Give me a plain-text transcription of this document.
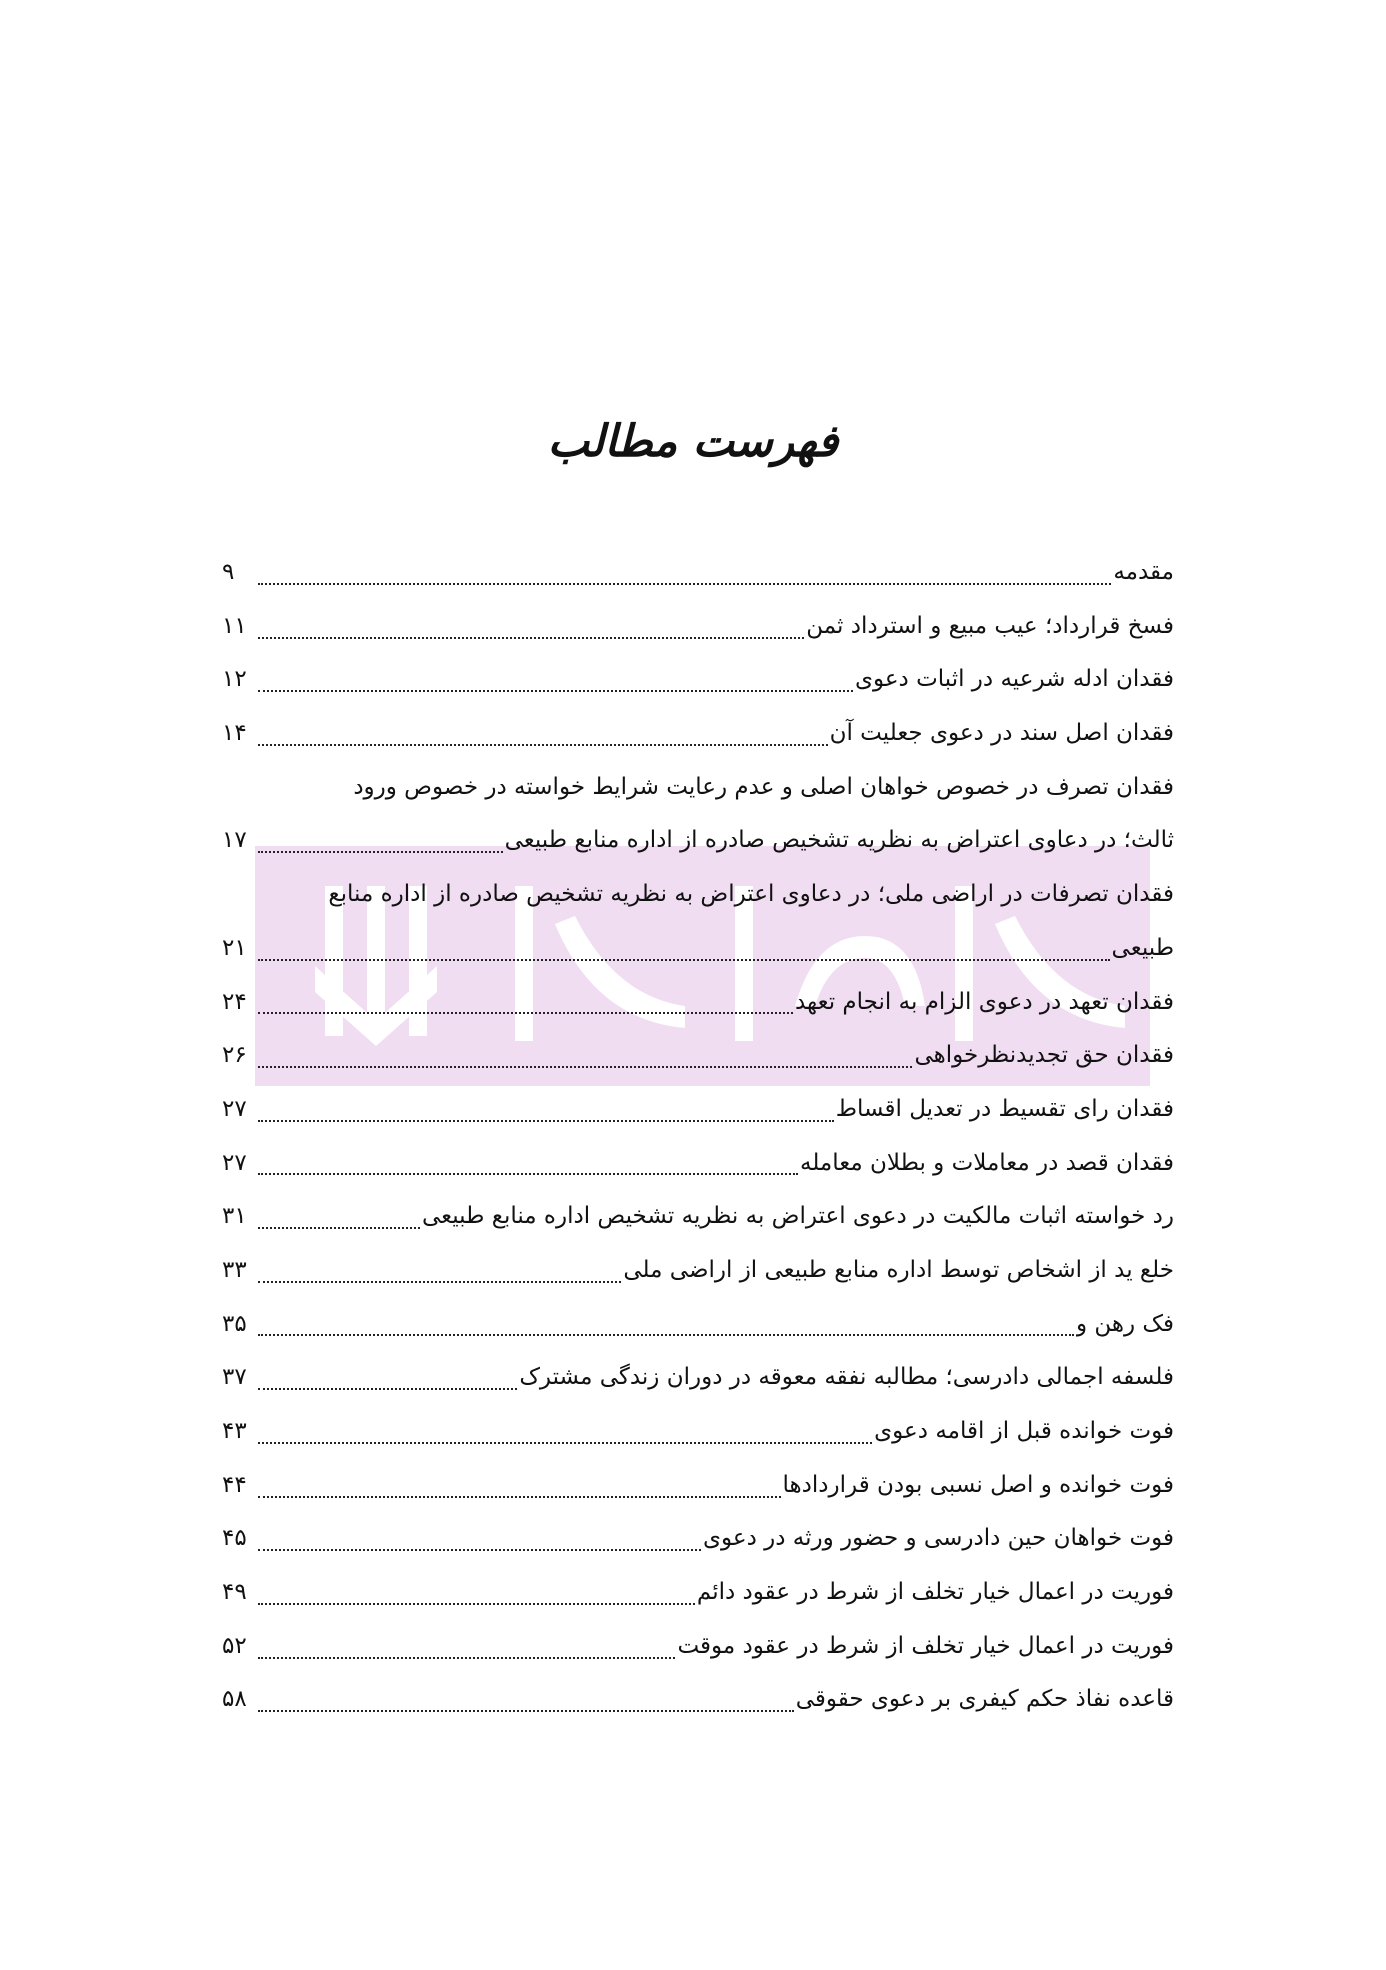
فهرست مطالب
مقدمه
۹
فسخ قرارداد؛ عیب مبیع و استرداد ثمن
۱۱
فقدان ادله شرعیه در اثبات دعوی
۱۲
فقدان اصل سند در دعوی جعلیت آن
۱۴
فقدان تصرف در خصوص خواهان اصلی و عدم رعایت شرایط خواسته در خصوص ورود
ثالث؛ در دعاوی اعتراض به نظریه تشخیص صادره از اداره منابع طبیعی
۱۷
فقدان تصرفات در اراضی ملی؛ در دعاوی اعتراض به نظریه تشخیص صادره از اداره منابع
طبیعی
۲۱
فقدان تعهد در دعوی الزام به انجام تعهد
۲۴
فقدان حق تجدیدنظرخواهی
۲۶
فقدان رای تقسیط در تعدیل اقساط
۲۷
فقدان قصد در معاملات و بطلان معامله
۲۷
رد خواسته اثبات مالکیت در دعوی اعتراض به نظریه تشخیص اداره منابع طبیعی
۳۱
خلع ید از اشخاص توسط اداره منابع طبیعی از اراضی ملی
۳۳
فک رهن و
۳۵
فلسفه اجمالی دادرسی؛ مطالبه نفقه معوقه در دوران زندگی مشترک
۳۷
فوت خوانده قبل از اقامه دعوی
۴۳
فوت خوانده و اصل نسبی بودن قراردادها
۴۴
فوت خواهان حین دادرسی و حضور ورثه در دعوی
۴۵
فوریت در اعمال خیار تخلف از شرط در عقود دائم
۴۹
فوریت در اعمال خیار تخلف از شرط در عقود موقت
۵۲
قاعده نفاذ حکم کیفری بر دعوی حقوقی
۵۸
